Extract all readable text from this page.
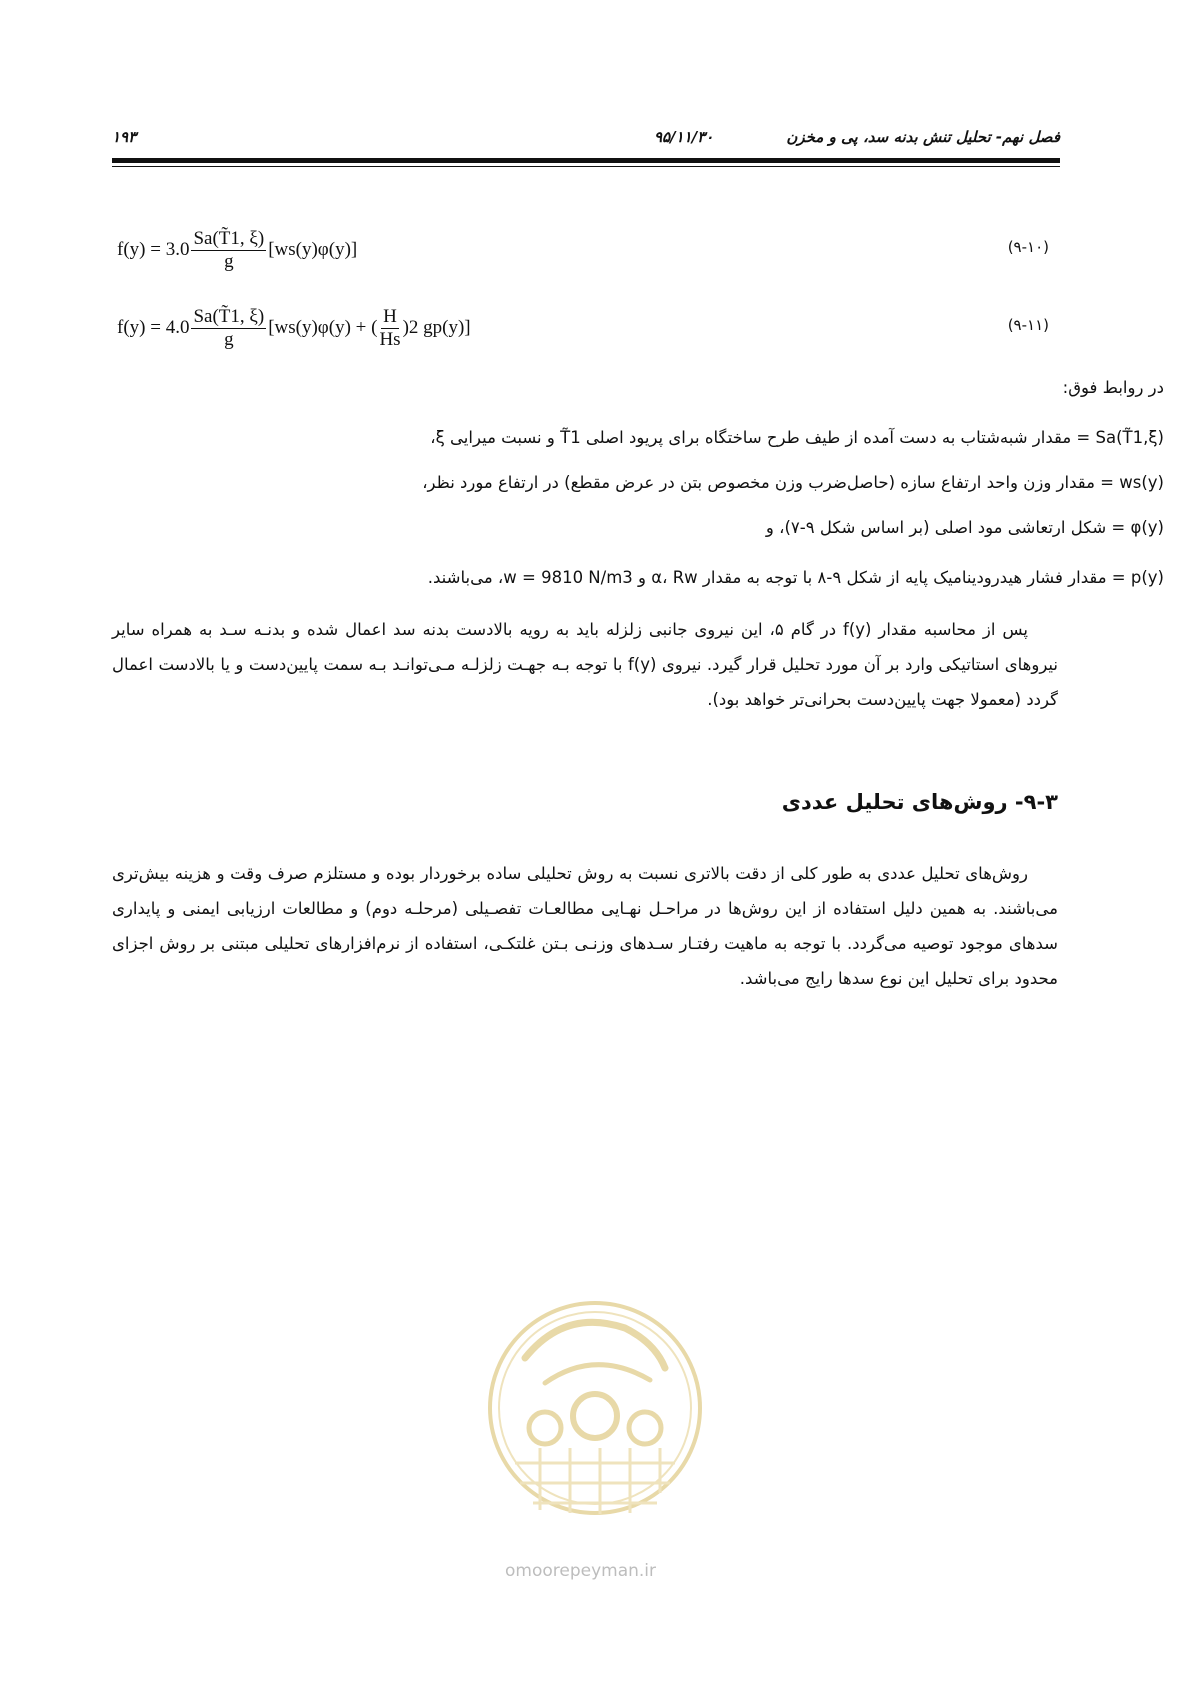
فصل نهم- تحلیل تنش بدنه سد، پی و مخزن
۹۵/۱۱/۳۰
۱۹۳
$f(y) = 3.0 \frac{Sa(T̃1, \xi)}{g} [ws(y)\varphi(y)]$	(۹-۱۰)
$f(y) = 4.0 \frac{Sa(T̃1, \xi)}{g} [ws(y)\varphi(y)$ + ( $\frac{H}{Hs} )2$ gp(y)]	(۹-۱۱)
در روابط فوق:
Sa(T̃1,ξ) = مقدار شبه‌شتاب به دست آمده از طیف طرح ساختگاه برای پریود اصلی T̃1 و نسبت میرایی ξ،
ws(y) = مقدار وزن واحد ارتفاع سازه (حاصل‌ضرب وزن مخصوص بتن در عرض مقطع) در ارتفاع مورد نظر،
φ(y) = شکل ارتعاشی مود اصلی (بر اساس شکل ۹-۷)، و
p(y) = مقدار فشار هیدرودینامیک پایه از شکل ۹-۸ با توجه به مقدار α، Rw و w = 9810 N/m3، می‌باشند.
پس از محاسبه مقدار f(y) در گام ۵، این نیروی جانبی زلزله باید به رویه بالادست بدنه سد اعمال شده و بدنـه سـد به همراه سایر نیروهای استاتیکی وارد بر آن مورد تحلیل قرار گیرد. نیروی f(y) با توجه بـه جهـت زلزلـه مـی‌توانـد بـه سمت پایین‌دست و یا بالادست اعمال گردد (معمولا جهت پایین‌دست بحرانی‌تر خواهد بود).
۹-۳- روش‌های تحلیل عددی
روش‌های تحلیل عددی به طور کلی از دقت بالاتری نسبت به روش تحلیلی ساده برخوردار بوده و مستلزم صرف وقت و هزینه بیش‌تری می‌باشند. به همین دلیل استفاده از این روش‌ها در مراحـل نهـایی مطالعـات تفصـیلی (مرحلـه دوم) و مطالعات ارزیابی ایمنی و پایداری سدهای موجود توصیه می‌گردد. با توجه به ماهیت رفتـار سـدهای وزنـی بـتن غلتکـی، استفاده از نرم‌افزارهای تحلیلی مبتنی بر روش اجزای محدود برای تحلیل این نوع سدها رایج می‌باشد.
omoorepeyman.ir
